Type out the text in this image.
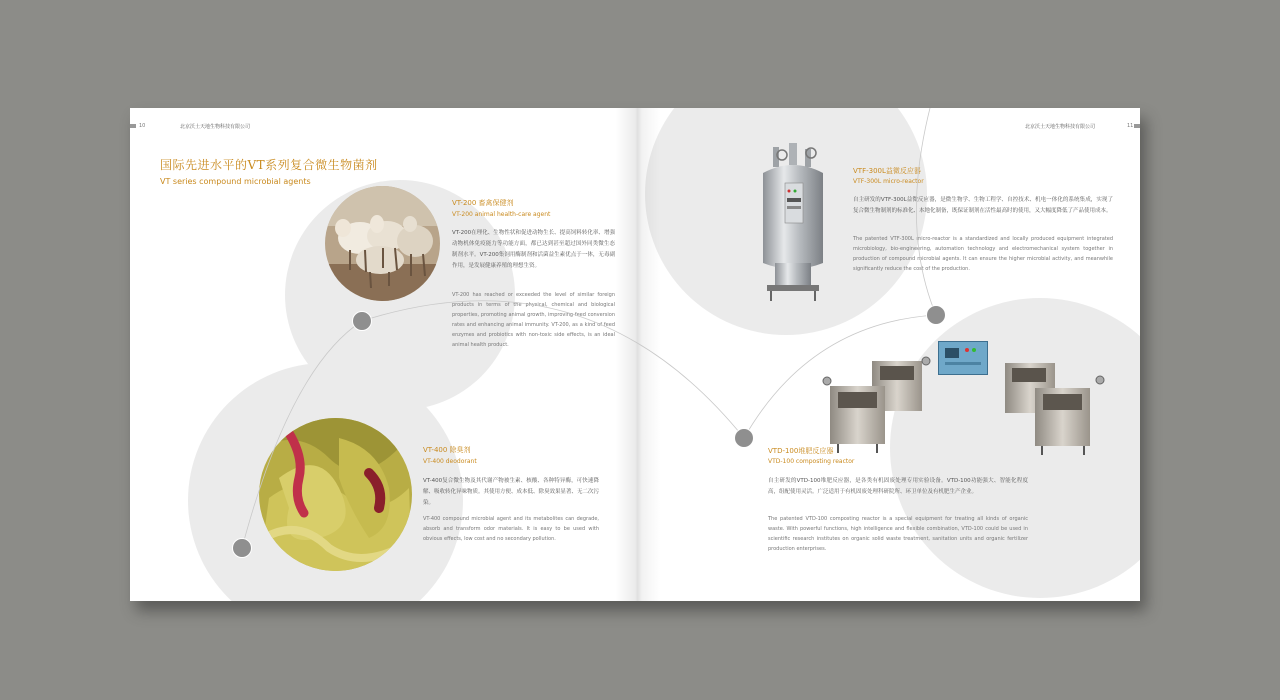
10	北京沃土天地生物科技有限公司
国际先进水平的VT系列复合微生物菌剂
VT series compound microbial agents
VT-200 畜禽保健剂
VT-200 animal health-care agent
VT-200在理化、生物性状和促进动物生长、提高饲料转化率、增强动物机体免疫能力等功能方面，都已达到甚至超过国外同类微生态制剂水平。VT-200集饲用酶制剂和活菌益生素优点于一体，无毒副作用，是发展健康养殖的理想生资。
VT-200 has reached or exceeded the level of similar foreign products in terms of the physical, chemical and biological properties, promoting animal growth, improving feed conversion rates and enhancing animal immunity. VT-200, as a kind of feed enzymes and probiotics with non-toxic side effects, is an ideal animal health product.
VT-400 除臭剂
VT-400 deodorant
VT-400复合微生物及其代谢产物被生素、核酸、各种特异酶，可快速降解、吸收转化异味物质。其使用方便、成本低、除臭效果显著、无二次污染。
VT-400 compound microbial agent and its metabolites can degrade, absorb and transform odor materials. It is easy to be used with obvious effects, low cost and no secondary pollution.
北京沃土天地生物科技有限公司	11
VTF-300L益微反应器
VTF-300L micro-reactor
自主研发的VTF-300L益微反应器，是微生物学、生物工程学、自控技术、机电一体化的系统集成，实现了复合微生物制剂的标准化、本地化制备，既保证制剂在活性最高时的使用，又大幅度降低了产品使用成本。
The patented VTF-300L micro-reactor is a standardized and locally produced equipment integrated microbiology, bio-engineering, automation technology and electromechanical system together in production of compound microbial agents. It can ensure the higher microbial activity, and meanwhile significantly reduce the cost of the production.
VTD-100堆肥反应器
VTD-100 composting reactor
自主研发的VTD-100堆肥反应器，是各类有机固废处理专用实验设备。VTD-100功能强大、智能化程度高，组配使用灵活。广泛适用于有机固废处理科研院所、环卫单位及有机肥生产企业。
The patented VTD-100 composting reactor is a special equipment for treating all kinds of organic waste. With powerful functions, high intelligence and flexible combination, VTD-100 could be used in scientific research institutes on organic solid waste treatment, sanitation units and organic fertilizer production enterprises.
